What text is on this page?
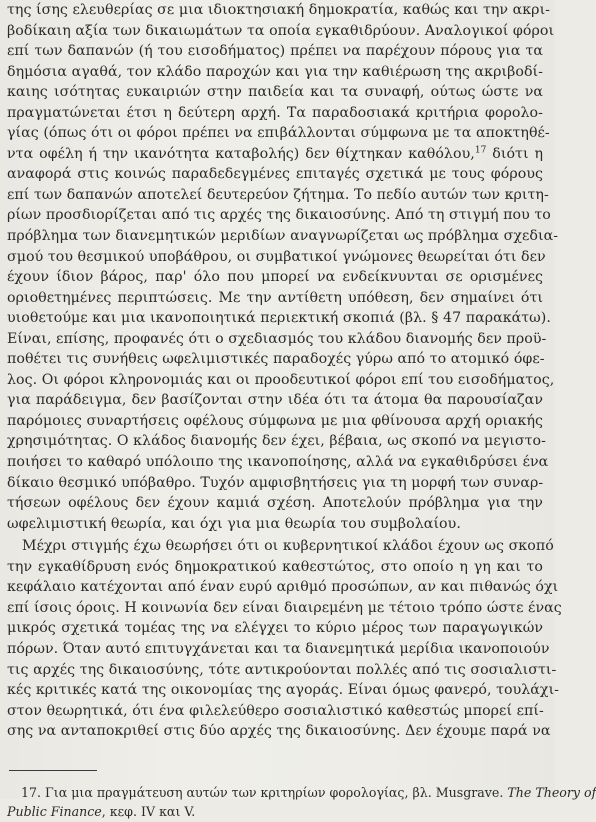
της ίσης ελευθερίας σε μια ιδιοκτησιακή δημοκρατία, καθώς και την ακρι-
βοδίκαιη αξία των δικαιωμάτων τα οποία εγκαθιδρύουν. Αναλογικοί φόροι
επί των δαπανών (ή του εισοδήματος) πρέπει να παρέχουν πόρους για τα
δημόσια αγαθά, τον κλάδο παροχών και για την καθιέρωση της ακριβοδί-
καιης ισότητας ευκαιριών στην παιδεία και τα συναφή, ούτως ώστε να
πραγματώνεται έτσι η δεύτερη αρχή. Τα παραδοσιακά κριτήρια φορολο-
γίας (όπως ότι οι φόροι πρέπει να επιβάλλονται σύμφωνα με τα αποκτηθέ-
ντα οφέλη ή την ικανότητα καταβολής) δεν θίχτηκαν καθόλου,$^{17}$ διότι η
αναφορά στις κοινώς παραδεδεγμένες επιταγές σχετικά με τους φόρους
επί των δαπανών αποτελεί δευτερεύον ζήτημα. Το πεδίο αυτών των κριτη-
ρίων προσδιορίζεται από τις αρχές της δικαιοσύνης. Από τη στιγμή που το
πρόβλημα των διανεμητικών μεριδίων αναγνωρίζεται ως πρόβλημα σχεδια-
σμού του θεσμικού υποβάθρου, οι συμβατικοί γνώμονες θεωρείται ότι δεν
έχουν ίδιον βάρος, παρ' όλο που μπορεί να ενδείκνυνται σε ορισμένες
οριοθετημένες περιπτώσεις. Με την αντίθετη υπόθεση, δεν σημαίνει ότι
υιοθετούμε και μια ικανοποιητικά περιεκτική σκοπιά (βλ. § 47 παρακάτω).
Είναι, επίσης, προφανές ότι ο σχεδιασμός του κλάδου διανομής δεν προϋ-
ποθέτει τις συνήθεις ωφελιμιστικές παραδοχές γύρω από το ατομικό όφε-
λος. Οι φόροι κληρονομιάς και οι προοδευτικοί φόροι επί του εισοδήματος,
για παράδειγμα, δεν βασίζονται στην ιδέα ότι τα άτομα θα παρουσίαζαν
παρόμοιες συναρτήσεις οφέλους σύμφωνα με μια φθίνουσα αρχή οριακής
χρησιμότητας. Ο κλάδος διανομής δεν έχει, βέβαια, ως σκοπό να μεγιστο-
ποιήσει το καθαρό υπόλοιπο της ικανοποίησης, αλλά να εγκαθιδρύσει ένα
δίκαιο θεσμικό υπόβαθρο. Τυχόν αμφισβητήσεις για τη μορφή των συναρ-
τήσεων οφέλους δεν έχουν καμιά σχέση. Αποτελούν πρόβλημα για την
ωφελιμιστική θεωρία, και όχι για μια θεωρία του συμβολαίου.
Μέχρι στιγμής έχω θεωρήσει ότι οι κυβερνητικοί κλάδοι έχουν ως σκοπό
την εγκαθίδρυση ενός δημοκρατικού καθεστώτος, στο οποίο η γη και το
κεφάλαιο κατέχονται από έναν ευρύ αριθμό προσώπων, αν και πιθανώς όχι
επί ίσοις όροις. Η κοινωνία δεν είναι διαιρεμένη με τέτοιο τρόπο ώστε ένας
μικρός σχετικά τομέας της να ελέγχει το κύριο μέρος των παραγωγικών
πόρων. Όταν αυτό επιτυγχάνεται και τα διανεμητικά μερίδια ικανοποιούν
τις αρχές της δικαιοσύνης, τότε αντικρούονται πολλές από τις σοσιαλιστι-
κές κριτικές κατά της οικονομίας της αγοράς. Είναι όμως φανερό, τουλάχι-
στον θεωρητικά, ότι ένα φιλελεύθερο σοσιαλιστικό καθεστώς μπορεί επί-
σης να ανταποκριθεί στις δύο αρχές της δικαιοσύνης. Δεν έχουμε παρά να
17. Για μια πραγμάτευση αυτών των κριτηρίων φορολογίας, βλ. Musgrave. The Theory of
Public Finance, κεφ. IV και V.
